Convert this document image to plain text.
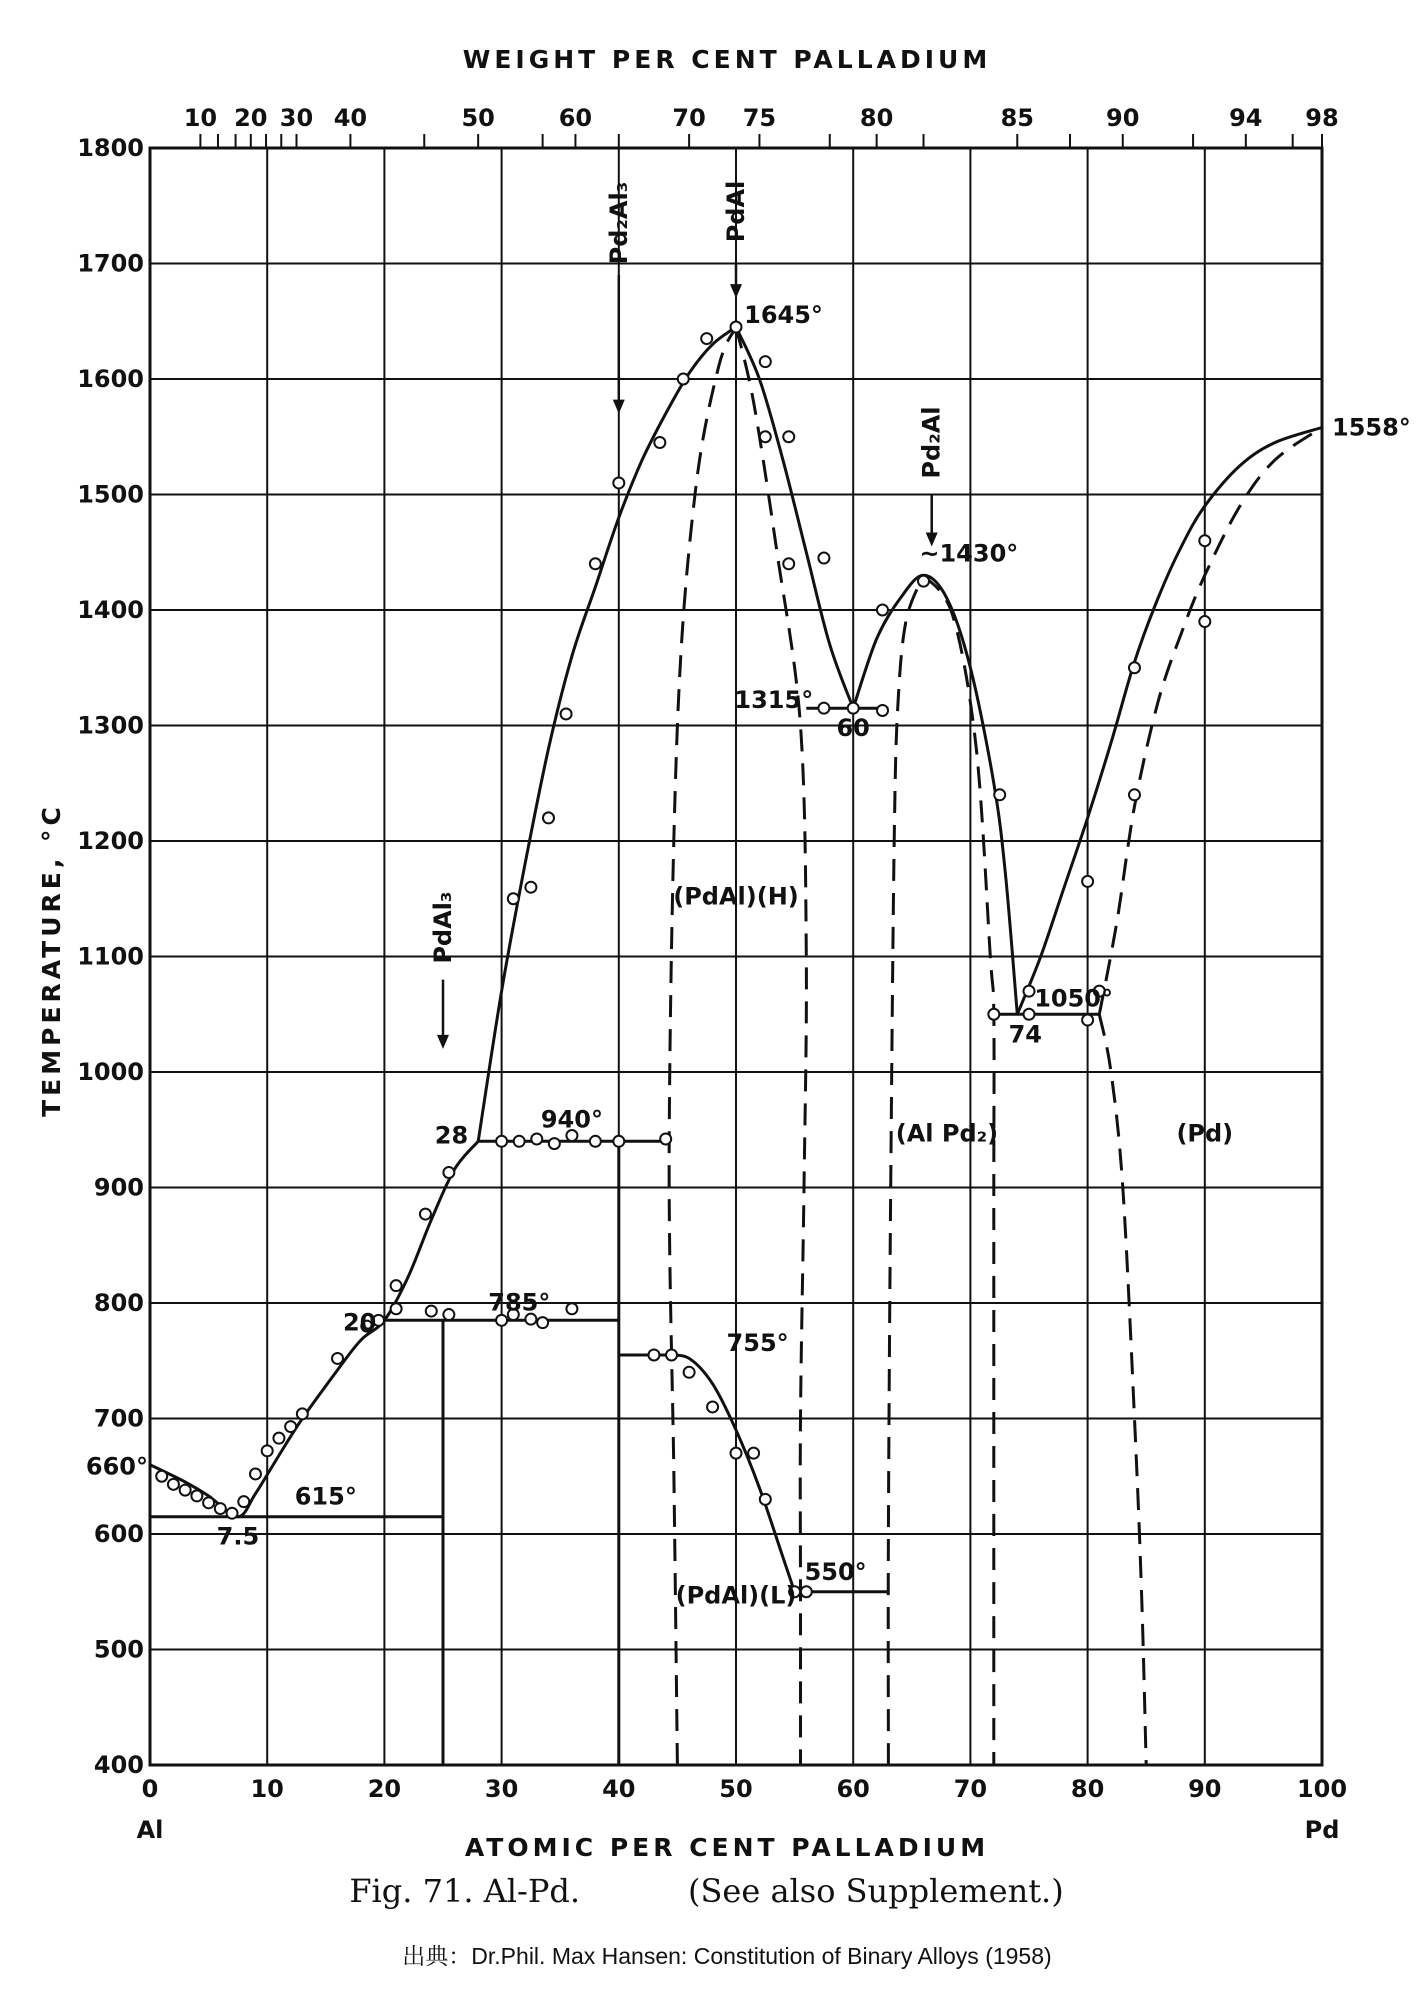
Pd₂Al₃	PdAl
Pd₂Al
PdAl₃
0	10	20	30	40	50	60	70	80	90	100
400
500
600
700
800
900
1000
1100
1200
1300
1400
1500
1600
1700
1800
10 20 30 40	50	60	70 75	80	85	90	94 98
1645°
~1430°
1558°
1315°
60
74
1050°
28
940°
20
785°
755°
550°
660°
615°
7.5
(PdAl)(H)
(PdAl)(L)
(Al Pd₂)	(Pd)
WEIGHT PER CENT PALLADIUM
ATOMIC PER CENT PALLADIUM
TEMPERATURE, °C
Al	Pd
Fig. 71. Al-Pd.	(See also Supplement.)
出典：Dr.Phil. Max Hansen: Constitution of Binary Alloys (1958)
